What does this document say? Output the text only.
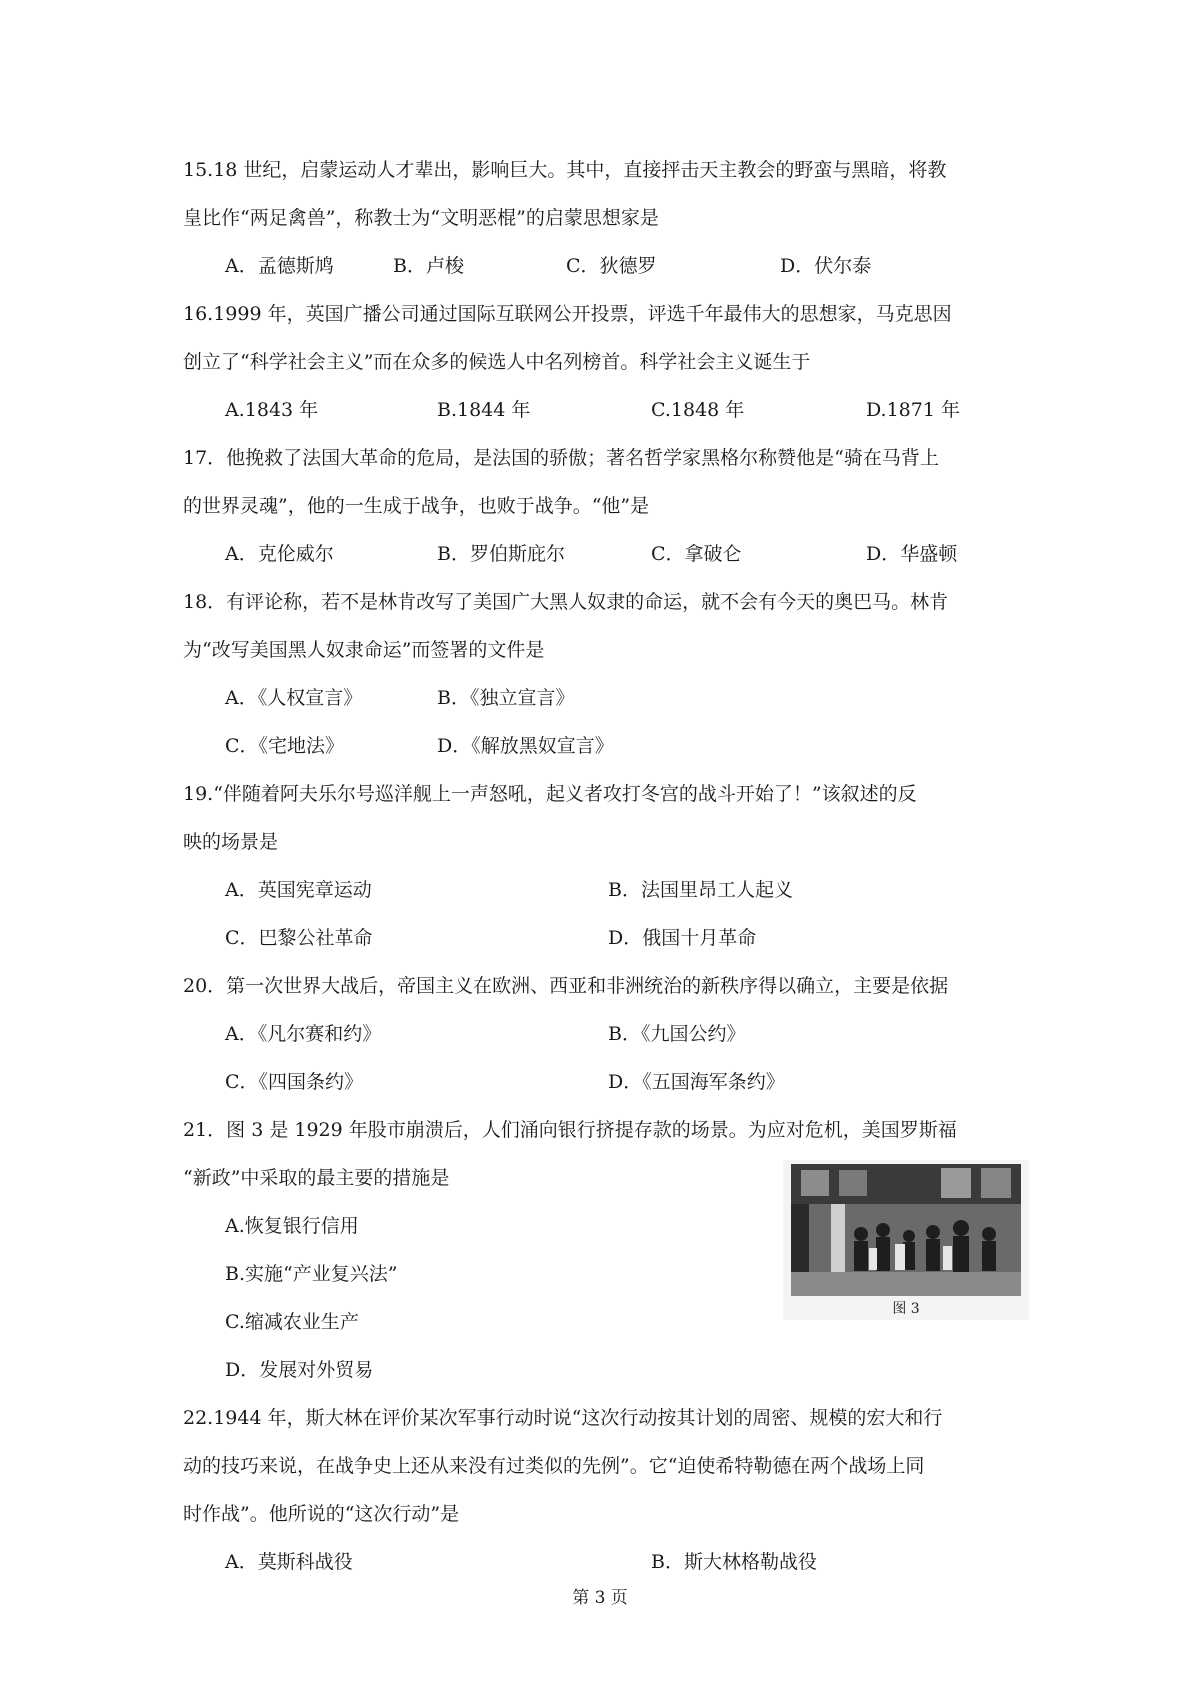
15.18 世纪，启蒙运动人才辈出，影响巨大。其中，直接抨击天主教会的野蛮与黑暗，将教
皇比作“两足禽兽”，称教士为“文明恶棍”的启蒙思想家是
A．孟德斯鸠	B．卢梭	C．狄德罗	D．伏尔泰
16.1999 年，英国广播公司通过国际互联网公开投票，评选千年最伟大的思想家，马克思因
创立了“科学社会主义”而在众多的候选人中名列榜首。科学社会主义诞生于
A.1843 年	B.1844 年	C.1848 年	D.1871 年
17．他挽救了法国大革命的危局，是法国的骄傲；著名哲学家黑格尔称赞他是“骑在马背上
的世界灵魂”，他的一生成于战争，也败于战争。“他”是
A．克伦威尔	B．罗伯斯庇尔	C．拿破仑	D．华盛顿
18．有评论称，若不是林肯改写了美国广大黑人奴隶的命运，就不会有今天的奥巴马。林肯
为“改写美国黑人奴隶命运”而签署的文件是
A．《人权宣言》	B．《独立宣言》
C．《宅地法》	D．《解放黑奴宣言》
19.“伴随着阿夫乐尔号巡洋舰上一声怒吼，起义者攻打冬宫的战斗开始了！”该叙述的反
映的场景是
A．英国宪章运动	B．法国里昂工人起义
C．巴黎公社革命	D．俄国十月革命
20．第一次世界大战后，帝国主义在欧洲、西亚和非洲统治的新秩序得以确立，主要是依据
A．《凡尔赛和约》	B．《九国公约》
C．《四国条约》	D．《五国海军条约》
21．图 3 是 1929 年股市崩溃后，人们涌向银行挤提存款的场景。为应对危机，美国罗斯福
“新政”中采取的最主要的措施是
A.恢复银行信用
B.实施“产业复兴法”
C.缩减农业生产
D．发展对外贸易
图 3
22.1944 年，斯大林在评价某次军事行动时说“这次行动按其计划的周密、规模的宏大和行
动的技巧来说，在战争史上还从来没有过类似的先例”。它“迫使希特勒德在两个战场上同
时作战”。他所说的“这次行动”是
A．莫斯科战役	B．斯大林格勒战役
第 3 页
